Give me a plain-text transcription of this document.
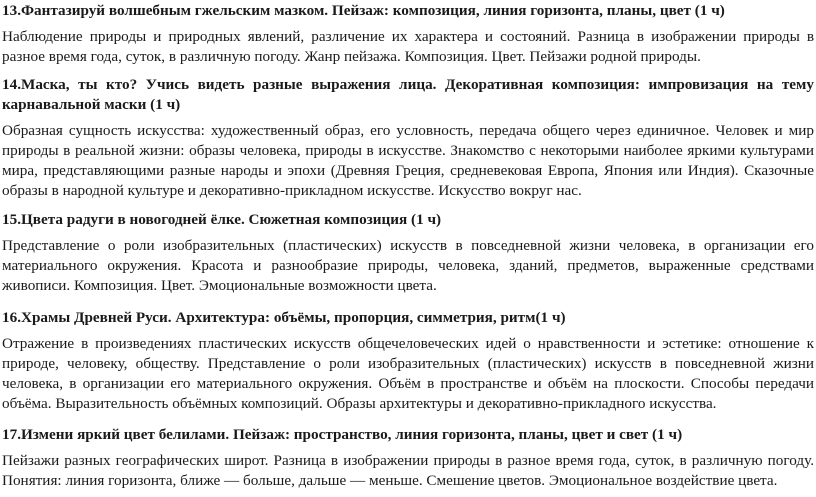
13.Фантазируй волшебным гжельским мазком. Пейзаж: композиция, линия горизонта, планы, цвет (1 ч)

Наблюдение природы и природных явлений, различение их характера и состояний. Разница в изображении природы в разное время года, суток, в различную погоду. Жанр пейзажа. Композиция. Цвет. Пейзажи родной природы.

14.Маска, ты кто? Учись видеть разные выражения лица. Декоративная композиция: импровизация на тему карнавальной маски (1 ч)

Образная сущность искусства: художественный образ, его условность, передача общего через единичное. Человек и мир природы в реальной жизни: образы человека, природы в искусстве. Знакомство с некоторыми наиболее яркими культурами мира, представляющими разные народы и эпохи (Древняя Греция, средневековая Европа, Япония или Индия). Сказочные образы в народной культуре и декоративно-прикладном искусстве. Искусство вокруг нас.

15.Цвета радуги в новогодней ёлке. Сюжетная композиция (1 ч)

Представление о роли изобразительных (пластических) искусств в повседневной жизни человека, в организации его материального окружения. Красота и разнообразие природы, человека, зданий, предметов, выраженные средствами живописи. Композиция. Цвет. Эмоциональные возможности цвета.

16.Храмы Древней Руси. Архитектура: объёмы, пропорция, симметрия, ритм(1 ч)

Отражение в произведениях пластических искусств общечеловеческих идей о нравственности и эстетике: отношение к природе, человеку, обществу. Представление о роли изобразительных (пластических) искусств в повседневной жизни человека, в организации его материального окружения. Объём в пространстве и объём на плоскости. Способы передачи объёма. Выразительность объёмных композиций. Образы архитектуры и декоративно-прикладного искусства.

17.Измени яркий цвет белилами. Пейзаж: пространство, линия горизонта, планы, цвет и свет (1 ч)

Пейзажи разных географических широт. Разница в изображении природы в разное время года, суток, в различную погоду. Понятия: линия горизонта, ближе — больше, дальше — меньше. Смешение цветов. Эмоциональное воздействие цвета.
